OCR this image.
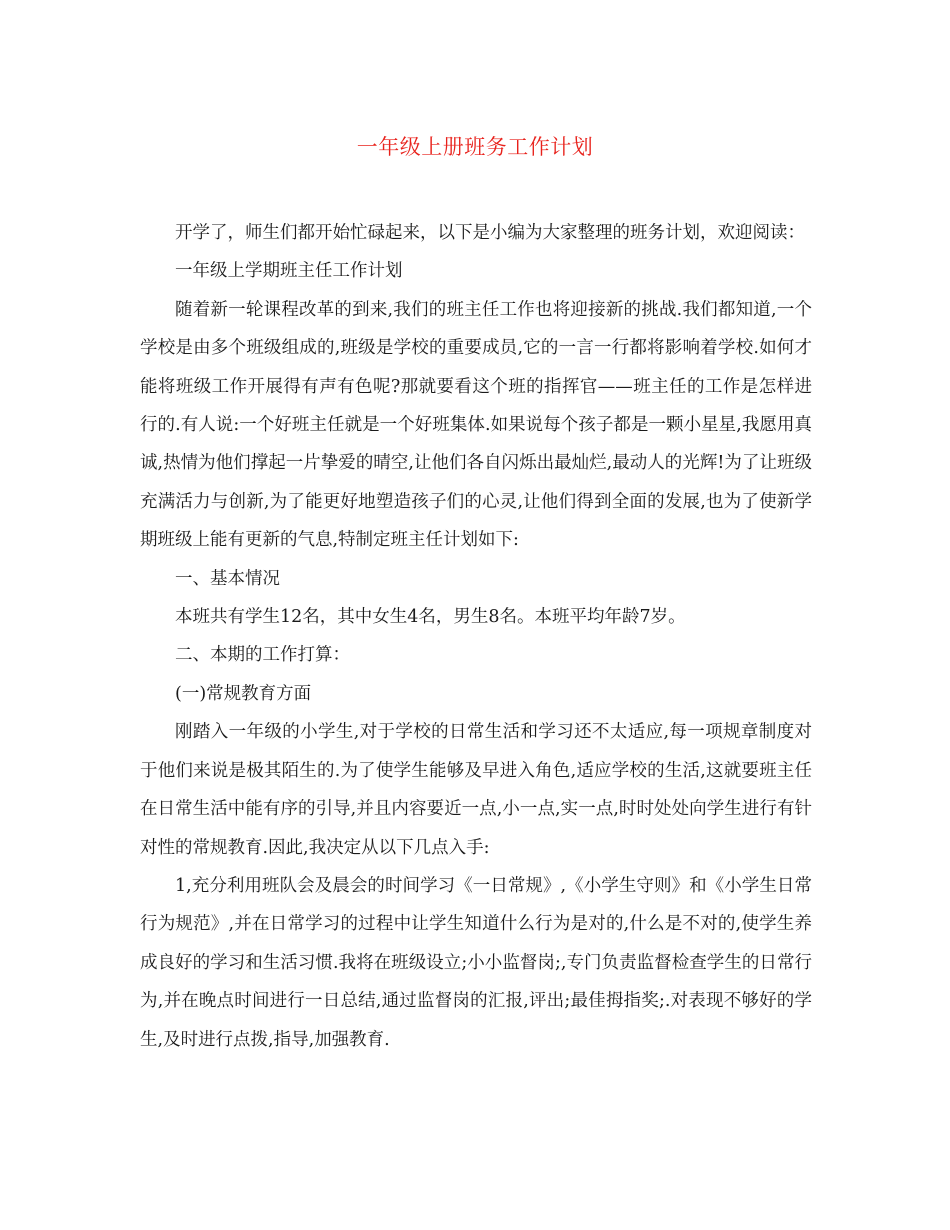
一年级上册班务工作计划

开学了，师生们都开始忙碌起来，以下是小编为大家整理的班务计划，欢迎阅读：

一年级上学期班主任工作计划

随着新一轮课程改革的到来,我们的班主任工作也将迎接新的挑战.我们都知道,一个学校是由多个班级组成的,班级是学校的重要成员,它的一言一行都将影响着学校.如何才能将班级工作开展得有声有色呢?那就要看这个班的指挥官——班主任的工作是怎样进行的.有人说:一个好班主任就是一个好班集体.如果说每个孩子都是一颗小星星,我愿用真诚,热情为他们撑起一片挚爱的晴空,让他们各自闪烁出最灿烂,最动人的光辉!为了让班级充满活力与创新,为了能更好地塑造孩子们的心灵,让他们得到全面的发展,也为了使新学期班级上能有更新的气息,特制定班主任计划如下:

一、基本情况

本班共有学生12名，其中女生4名，男生8名。本班平均年龄7岁。

二、本期的工作打算：

(一)常规教育方面

刚踏入一年级的小学生,对于学校的日常生活和学习还不太适应,每一项规章制度对于他们来说是极其陌生的.为了使学生能够及早进入角色,适应学校的生活,这就要班主任在日常生活中能有序的引导,并且内容要近一点,小一点,实一点,时时处处向学生进行有针对性的常规教育.因此,我决定从以下几点入手:

1,充分利用班队会及晨会的时间学习《一日常规》,《小学生守则》和《小学生日常行为规范》,并在日常学习的过程中让学生知道什么行为是对的,什么是不对的,使学生养成良好的学习和生活习惯.我将在班级设立;小小监督岗;,专门负责监督检查学生的日常行为,并在晚点时间进行一日总结,通过监督岗的汇报,评出;最佳拇指奖;.对表现不够好的学生,及时进行点拨,指导,加强教育.
